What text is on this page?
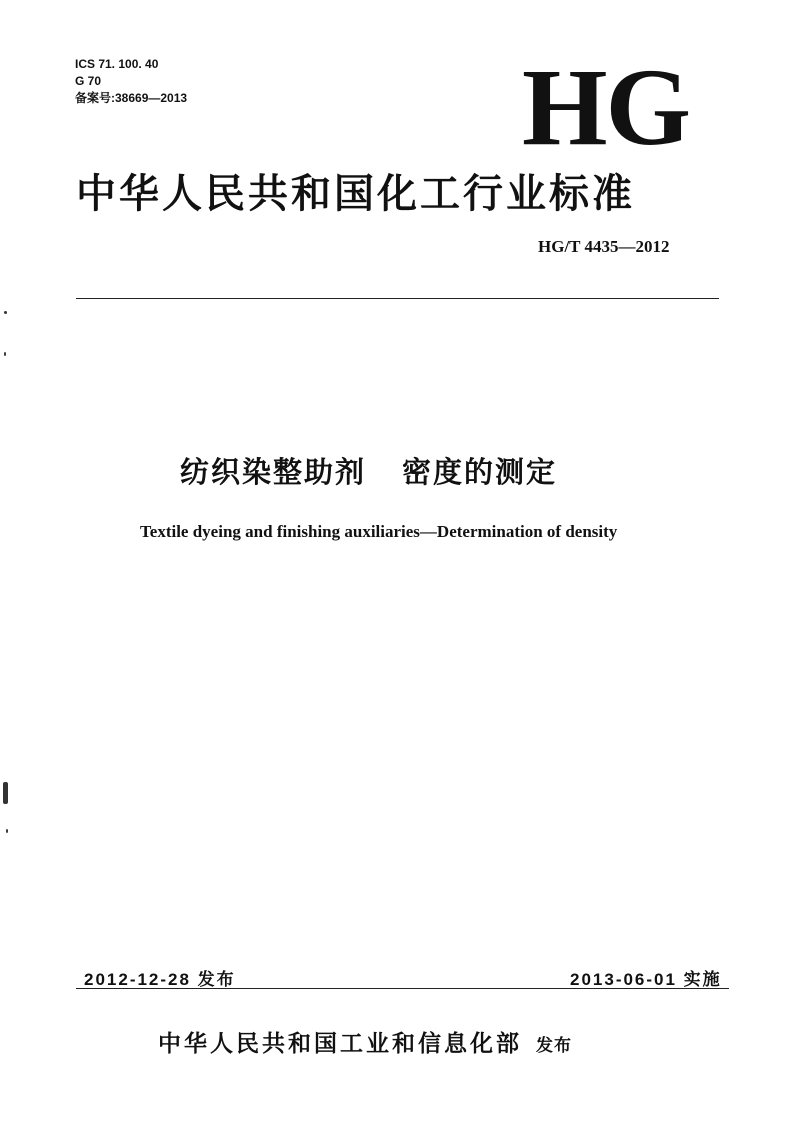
ICS 71. 100. 40
G 70
备案号:38669—2013	HG
中华人民共和国化工行业标准
HG/T 4435—2012
纺织染整助剂 密度的测定
Textile dyeing and finishing auxiliaries—Determination of density
2012-12-28 发布	2013-06-01 实施
中华人民共和国工业和信息化部 发布
